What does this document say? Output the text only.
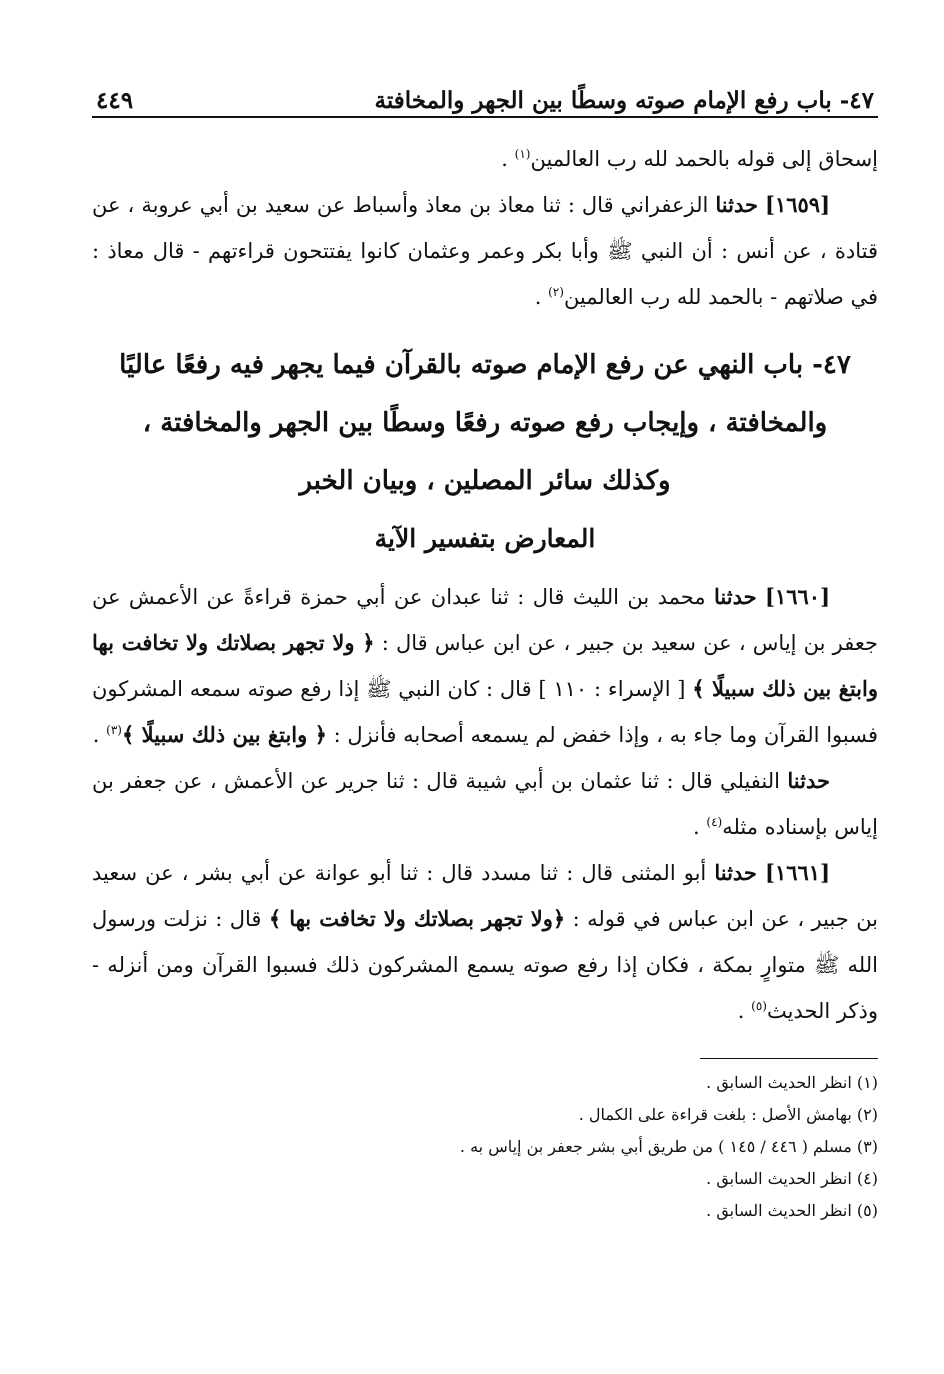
٤٧- باب رفع الإمام صوته وسطًا بين الجهر والمخافتة
٤٤٩

إسحاق إلى قوله بالحمد لله رب العالمين$^{(١)}$ .

[١٦٥٩] حدثنا الزعفراني قال : ثنا معاذ بن معاذ وأسباط عن سعيد بن أبي عروبة ، عن قتادة ، عن أنس : أن النبي ﷺ وأبا بكر وعمر وعثمان كانوا يفتتحون قراءتهم - قال معاذ : في صلاتهم - بالحمد لله رب العالمين$^{(٢)}$ .

٤٧- باب النهي عن رفع الإمام صوته بالقرآن فيما يجهر فيه رفعًا عاليًا
والمخافتة ، وإيجاب رفع صوته رفعًا وسطًا بين الجهر والمخافتة ،
وكذلك سائر المصلين ، وبيان الخبر
المعارض بتفسير الآية

[١٦٦٠] حدثنا محمد بن الليث قال : ثنا عبدان عن أبي حمزة قراءةً عن الأعمش عن جعفر بن إياس ، عن سعيد بن جبير ، عن ابن عباس قال : ﴿ ولا تجهر بصلاتك ولا تخافت بها وابتغ بين ذلك سبيلًا ﴾ [ الإسراء : ١١٠ ] قال : كان النبي ﷺ إذا رفع صوته سمعه المشركون فسبوا القرآن وما جاء به ، وإذا خفض لم يسمعه أصحابه فأنزل : ﴿ وابتغ بين ذلك سبيلًا ﴾$^{(٣)}$ .

حدثنا النفيلي قال : ثنا عثمان بن أبي شيبة قال : ثنا جرير عن الأعمش ، عن جعفر بن إياس بإسناده مثله$^{(٤)}$ .

[١٦٦١] حدثنا أبو المثنى قال : ثنا مسدد قال : ثنا أبو عوانة عن أبي بشر ، عن سعيد بن جبير ، عن ابن عباس في قوله : ﴿ولا تجهر بصلاتك ولا تخافت بها ﴾ قال : نزلت ورسول الله ﷺ متوارٍ بمكة ، فكان إذا رفع صوته يسمع المشركون ذلك فسبوا القرآن ومن أنزله - وذكر الحديث$^{(٥)}$ .

(١) انظر الحديث السابق .
(٢) بهامش الأصل : بلغت قراءة على الكمال .
(٣) مسلم ( ٤٤٦ / ١٤٥ ) من طريق أبي بشر جعفر بن إياس به .
(٤) انظر الحديث السابق .
(٥) انظر الحديث السابق .
